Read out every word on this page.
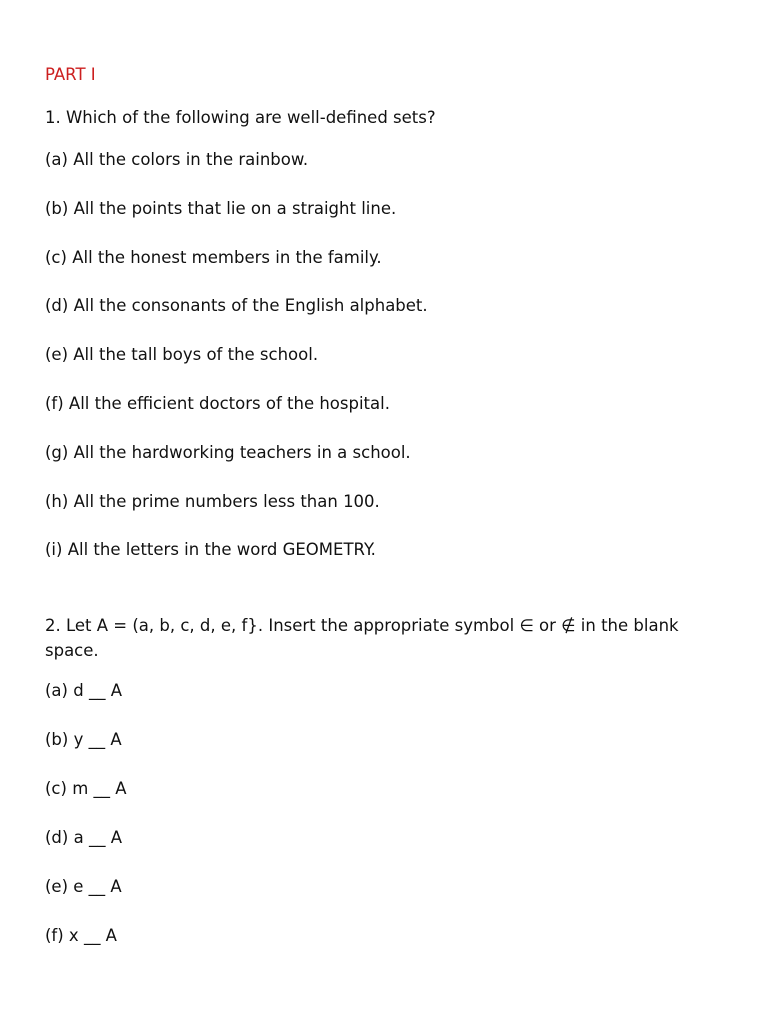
PART I
1. Which of the following are well-defined sets?
(a) All the colors in the rainbow.
(b) All the points that lie on a straight line.
(c) All the honest members in the family.
(d) All the consonants of the English alphabet.
(e) All the tall boys of the school.
(f) All the efficient doctors of the hospital.
(g) All the hardworking teachers in a school.
(h) All the prime numbers less than 100.
(i) All the letters in the word GEOMETRY.
2. Let A = (a, b, c, d, e, f}. Insert the appropriate symbol ∈ or ∉ in the blank space.
(a) d __ A
(b) y __ A
(c) m __ A
(d) a __ A
(e) e __ A
(f) x __ A
